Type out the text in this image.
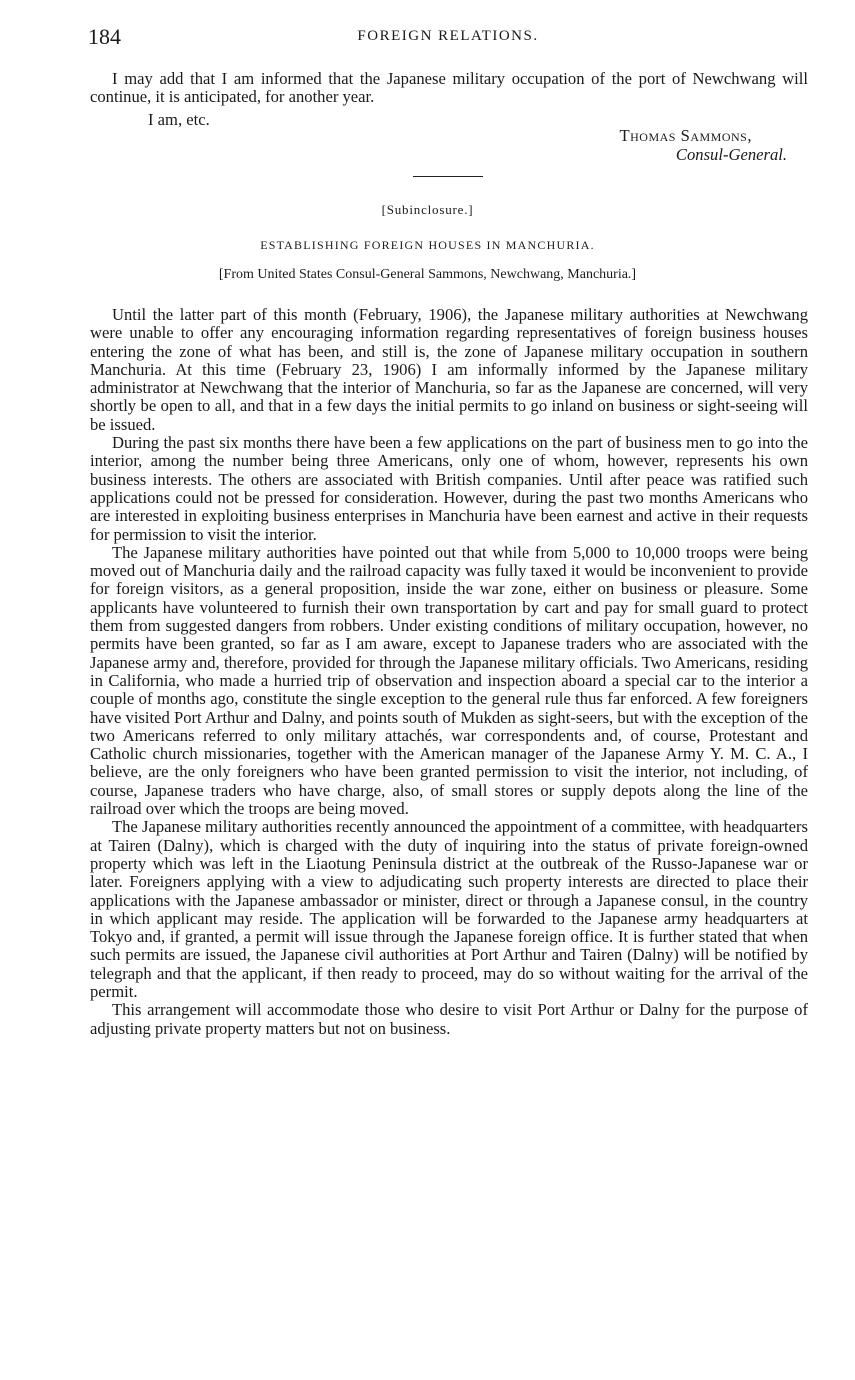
184	FOREIGN RELATIONS.

I may add that I am informed that the Japanese military occupation of the port of Newchwang will continue, it is anticipated, for another year.

I am, etc.
Thomas Sammons,
Consul-General.
[Subinclosure.]
ESTABLISHING FOREIGN HOUSES IN MANCHURIA.
[From United States Consul-General Sammons, Newchwang, Manchuria.]

Until the latter part of this month (February, 1906), the Japanese military authorities at Newchwang were unable to offer any encouraging information regarding representatives of foreign business houses entering the zone of what has been, and still is, the zone of Japanese military occupation in southern Manchuria. At this time (February 23, 1906) I am informally informed by the Japanese military administrator at Newchwang that the interior of Manchuria, so far as the Japanese are concerned, will very shortly be open to all, and that in a few days the initial permits to go inland on business or sight-seeing will be issued.

During the past six months there have been a few applications on the part of business men to go into the interior, among the number being three Americans, only one of whom, however, represents his own business interests. The others are associated with British companies. Until after peace was ratified such applications could not be pressed for consideration. However, during the past two months Americans who are interested in exploiting business enterprises in Manchuria have been earnest and active in their requests for permission to visit the interior.

The Japanese military authorities have pointed out that while from 5,000 to 10,000 troops were being moved out of Manchuria daily and the railroad capacity was fully taxed it would be inconvenient to provide for foreign visitors, as a general proposition, inside the war zone, either on business or pleasure. Some applicants have volunteered to furnish their own transportation by cart and pay for small guard to protect them from suggested dangers from robbers. Under existing conditions of military occupation, however, no permits have been granted, so far as I am aware, except to Japanese traders who are associated with the Japanese army and, therefore, provided for through the Japanese military officials. Two Americans, residing in California, who made a hurried trip of observation and inspection aboard a special car to the interior a couple of months ago, constitute the single exception to the general rule thus far enforced. A few foreigners have visited Port Arthur and Dalny, and points south of Mukden as sight-seers, but with the exception of the two Americans referred to only military attachés, war correspondents and, of course, Protestant and Catholic church missionaries, together with the American manager of the Japanese Army Y. M. C. A., I believe, are the only foreigners who have been granted permission to visit the interior, not including, of course, Japanese traders who have charge, also, of small stores or supply depots along the line of the railroad over which the troops are being moved.

The Japanese military authorities recently announced the appointment of a committee, with headquarters at Tairen (Dalny), which is charged with the duty of inquiring into the status of private foreign-owned property which was left in the Liaotung Peninsula district at the outbreak of the Russo-Japanese war or later. Foreigners applying with a view to adjudicating such property interests are directed to place their applications with the Japanese ambassador or minister, direct or through a Japanese consul, in the country in which applicant may reside. The application will be forwarded to the Japanese army headquarters at Tokyo and, if granted, a permit will issue through the Japanese foreign office. It is further stated that when such permits are issued, the Japanese civil authorities at Port Arthur and Tairen (Dalny) will be notified by telegraph and that the applicant, if then ready to proceed, may do so without waiting for the arrival of the permit.

This arrangement will accommodate those who desire to visit Port Arthur or Dalny for the purpose of adjusting private property matters but not on business.
